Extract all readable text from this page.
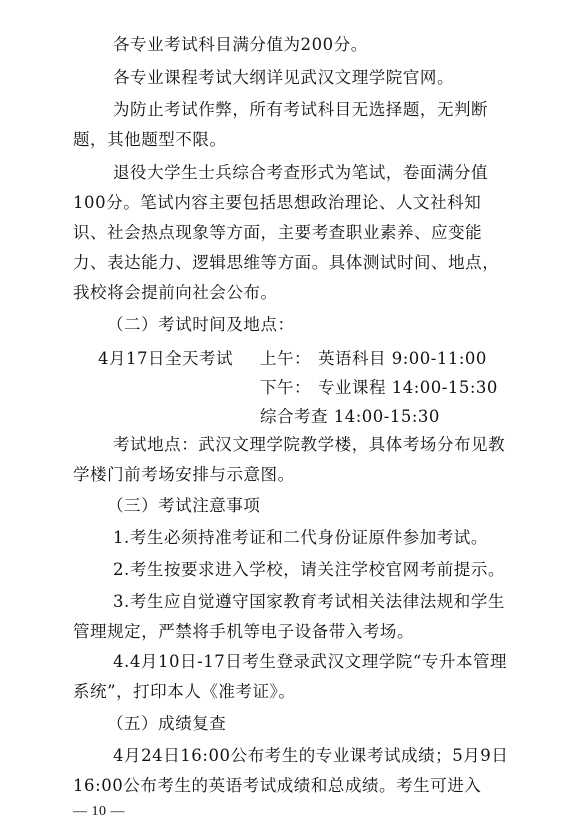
各专业考试科目满分值为200分。
各专业课程考试大纲详见武汉文理学院官网。
为防止考试作弊，所有考试科目无选择题，无判断
题，其他题型不限。
退役大学生士兵综合考查形式为笔试，卷面满分值
100分。笔试内容主要包括思想政治理论、人文社科知
识、社会热点现象等方面，主要考查职业素养、应变能
力、表达能力、逻辑思维等方面。具体测试时间、地点，
我校将会提前向社会公布。
（二）考试时间及地点：
4月17日全天考试 上午： 英语科目 9:00-11:00
下午： 专业课程 14:00-15:30
综合考查 14:00-15:30
考试地点：武汉文理学院教学楼，具体考场分布见教
学楼门前考场安排与示意图。
（三）考试注意事项
1.考生必须持准考证和二代身份证原件参加考试。
2.考生按要求进入学校，请关注学校官网考前提示。
3.考生应自觉遵守国家教育考试相关法律法规和学生
管理规定，严禁将手机等电子设备带入考场。
4.4月10日-17日考生登录武汉文理学院“专升本管理
系统”，打印本人《准考证》。
（五）成绩复查
4月24日16:00公布考生的专业课考试成绩；5月9日
16:00公布考生的英语考试成绩和总成绩。考生可进入
— 10 —
